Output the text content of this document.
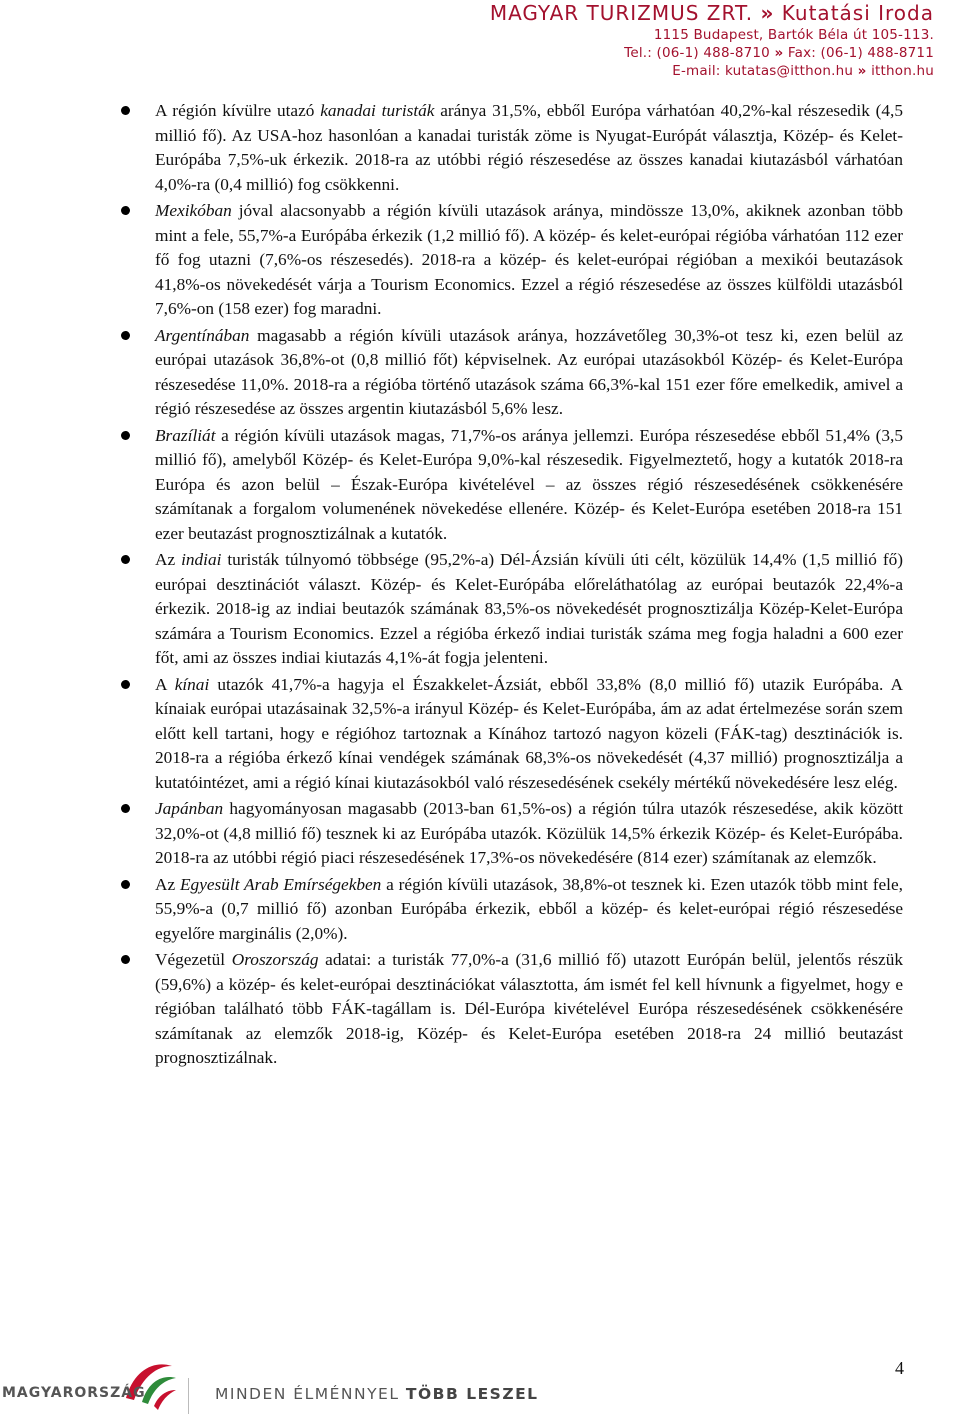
MAGYAR TURIZMUS ZRT. » Kutatási Iroda
1115 Budapest, Bartók Béla út 105-113.
Tel.: (06-1) 488-8710 » Fax: (06-1) 488-8711
E-mail: kutatas@itthon.hu » itthon.hu
A régión kívülre utazó kanadai turisták aránya 31,5%, ebből Európa várhatóan 40,2%-kal részesedik (4,5 millió fő). Az USA-hoz hasonlóan a kanadai turisták zöme is Nyugat-Európát választja, Közép- és Kelet-Európába 7,5%-uk érkezik. 2018-ra az utóbbi régió részesedése az összes kanadai kiutazásból várhatóan 4,0%-ra (0,4 millió) fog csökkenni.
Mexikóban jóval alacsonyabb a régión kívüli utazások aránya, mindössze 13,0%, akiknek azonban több mint a fele, 55,7%-a Európába érkezik (1,2 millió fő). A közép- és kelet-európai régióba várhatóan 112 ezer fő fog utazni (7,6%-os részesedés). 2018-ra a közép- és kelet-európai régióban a mexikói beutazások 41,8%-os növekedését várja a Tourism Economics. Ezzel a régió részesedése az összes külföldi utazásból 7,6%-on (158 ezer) fog maradni.
Argentínában magasabb a régión kívüli utazások aránya, hozzávetőleg 30,3%-ot tesz ki, ezen belül az európai utazások 36,8%-ot (0,8 millió főt) képviselnek. Az európai utazásokból Közép- és Kelet-Európa részesedése 11,0%. 2018-ra a régióba történő utazások száma 66,3%-kal 151 ezer főre emelkedik, amivel a régió részesedése az összes argentin kiutazásból 5,6% lesz.
Brazíliát a régión kívüli utazások magas, 71,7%-os aránya jellemzi. Európa részesedése ebből 51,4% (3,5 millió fő), amelyből Közép- és Kelet-Európa 9,0%-kal részesedik. Figyelmeztető, hogy a kutatók 2018-ra Európa és azon belül – Észak-Európa kivételével – az összes régió részesedésének csökkenésére számítanak a forgalom volumenének növekedése ellenére. Közép- és Kelet-Európa esetében 2018-ra 151 ezer beutazást prognosztizálnak a kutatók.
Az indiai turisták túlnyomó többsége (95,2%-a) Dél-Ázsián kívüli úti célt, közülük 14,4% (1,5 millió fő) európai desztinációt választ. Közép- és Kelet-Európába előreláthatólag az európai beutazók 22,4%-a érkezik. 2018-ig az indiai beutazók számának 83,5%-os növekedését prognosztizálja Közép-Kelet-Európa számára a Tourism Economics. Ezzel a régióba érkező indiai turisták száma meg fogja haladni a 600 ezer főt, ami az összes indiai kiutazás 4,1%-át fogja jelenteni.
A kínai utazók 41,7%-a hagyja el Északkelet-Ázsiát, ebből 33,8% (8,0 millió fő) utazik Európába. A kínaiak európai utazásainak 32,5%-a irányul Közép- és Kelet-Európába, ám az adat értelmezése során szem előtt kell tartani, hogy e régióhoz tartoznak a Kínához tartozó nagyon közeli (FÁK-tag) desztinációk is. 2018-ra a régióba érkező kínai vendégek számának 68,3%-os növekedését (4,37 millió) prognosztizálja a kutatóintézet, ami a régió kínai kiutazásokból való részesedésének csekély mértékű növekedésére lesz elég.
Japánban hagyományosan magasabb (2013-ban 61,5%-os) a régión túlra utazók részesedése, akik között 32,0%-ot (4,8 millió fő) tesznek ki az Európába utazók. Közülük 14,5% érkezik Közép- és Kelet-Európába. 2018-ra az utóbbi régió piaci részesedésének 17,3%-os növekedésére (814 ezer) számítanak az elemzők.
Az Egyesült Arab Emírségekben a régión kívüli utazások, 38,8%-ot tesznek ki. Ezen utazók több mint fele, 55,9%-a (0,7 millió fő) azonban Európába érkezik, ebből a közép- és kelet-európai régió részesedése egyelőre marginális (2,0%).
Végezetül Oroszország adatai: a turisták 77,0%-a (31,6 millió fő) utazott Európán belül, jelentős részük (59,6%) a közép- és kelet-európai desztinációkat választotta, ám ismét fel kell hívnunk a figyelmet, hogy e régióban található több FÁK-tagállam is. Dél-Európa kivételével Európa részesedésének csökkenésére számítanak az elemzők 2018-ig, Közép- és Kelet-Európa esetében 2018-ra 24 millió beutazást prognosztizálnak.
4
MAGYARORSZÁG	MINDEN ÉLMÉNNYEL TÖBB LESZEL
